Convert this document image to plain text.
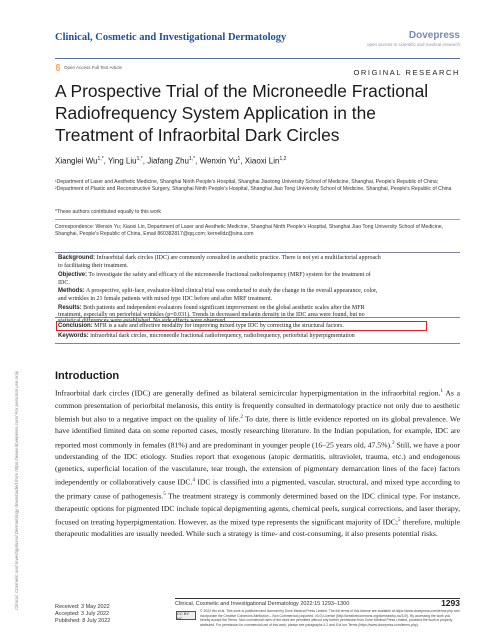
Clinical, Cosmetic and Investigational Dermatology	Dovepress
open access to scientific and medical research
Open Access Full Text Article
ORIGINAL RESEARCH
A Prospective Trial of the Microneedle Fractional
Radiofrequency System Application in the
Treatment of Infraorbital Dark Circles
Xianglei $Wu^{1,*}$, Ying Liu$^{1,*}$, Jiafang Zhu$^{1,*}$, Wenxin Yu$^1$, Xiaoxi Lin$^{1,2}$
¹Department of Laser and Aesthetic Medicine, Shanghai Ninth People's Hospital, Shanghai Jiaotong University School of Medicine, Shanghai, People's Republic of China; ²Department of Plastic and Reconstructive Surgery, Shanghai Ninth People's Hospital, Shanghai Jiao Tong University School of Medicine, Shanghai, People's Republic of China
*These authors contributed equally to this work
Correspondence: Wenxin Yu; Xiaoxi Lin, Department of Laser and Aesthetic Medicine, Shanghai Ninth People's Hospital, Shanghai Jiao Tong University School of Medicine, Shanghai, People's Republic of China, Email 860382817@qq.com; kernelldz@sina.com
Background: Infraorbital dark circles (IDC) are commonly consulted in aesthetic practice. There is not yet a multifactorial approach
to facilitating their treatment.
Objective: To investigate the safety and efficacy of the microneedle fractional radiofrequency (MRF) system for the treatment of
IDC.
Methods: A prospective, split-face, evaluator-blind clinical trial was conducted to study the change in the overall appearance, color,
and wrinkles in 21 female patients with mixed type IDC before and after MRF treatment.
Results: Both patients and independent evaluators found significant improvement on the global aesthetic scales after the MFR
treatment, especially on periorbital wrinkles (p=0.031). Trends in decreased melanin density in the IDC area were found, but no
statistical differences were established. No side effects were observed.
Conclusion: MFR is a safe and effective modality for improving mixed type IDC by correcting the structural factors.
Keywords: infraorbital dark circles, microneedle fractional radiofrequency, radiofrequency, periorbital hyperpigmentation
Introduction
Infraorbital dark circles (IDC) are generally defined as bilateral semicircular hyperpigmentation in the infraorbital region.$^1$ As a common presentation of periorbital melanosis, this entity is frequently consulted in dermatology practice not only due to aesthetic blemish but also to a negative impact on the quality of life.$^2$ To date, there is little evidence reported on its global prevalence. We have identified limited data on some reported cases, mostly researching literature. In the Indian population, for example, IDC are reported most commonly in females (81%) and are predominant in younger people (16–25 years old, 47.5%).$^3$ Still, we have a poor understanding of the IDC etiology. Studies report that exogenous (atopic dermatitis, ultraviolet, trauma, etc.) and endogenous (genetics, superficial location of the vasculature, tear trough, the extension of pigmentary demarcation lines of the face) factors independently or collaboratively cause IDC.$^4$ IDC is classified into a pigmented, vascular, structural, and mixed type according to the primary cause of pathogenesis.$^5$ The treatment strategy is commonly determined based on the IDC clinical type. For instance, therapeutic options for pigmented IDC include topical depigmenting agents, chemical peels, surgical corrections, and laser therapy, focused on treating hyperpigmentation. However, as the mixed type represents the significant majority of IDC;$^5$ therefore, multiple therapeutic modalities are usually needed. While such a strategy is time- and cost-consuming, it also presents potential risks.
Clinical, Cosmetic and Investigational Dermatology downloaded from https://www.dovepress.com/ For personal use only.	Received: 3 May 2022
Accepted: 3 July 2022
Published: 8 July 2022
Clinical, Cosmetic and Investigational Dermatology 2022:15 1293–1300	1293
CC BY NC
© 2022 Wu et al. This work is published and licensed by Dove Medical Press Limited. The full terms of this license are available at https://www.dovepress.com/terms.php and incorporate the Creative Commons Attribution – Non Commercial (unported, v3.0) License (http://creativecommons.org/licenses/by-nc/3.0/). By accessing the work you hereby accept the Terms. Non-commercial uses of the work are permitted without any further permission from Dove Medical Press Limited, provided the work is properly attributed. For permission for commercial use of this work, please see paragraphs 4.2 and 5 of our Terms (https://www.dovepress.com/terms.php).
